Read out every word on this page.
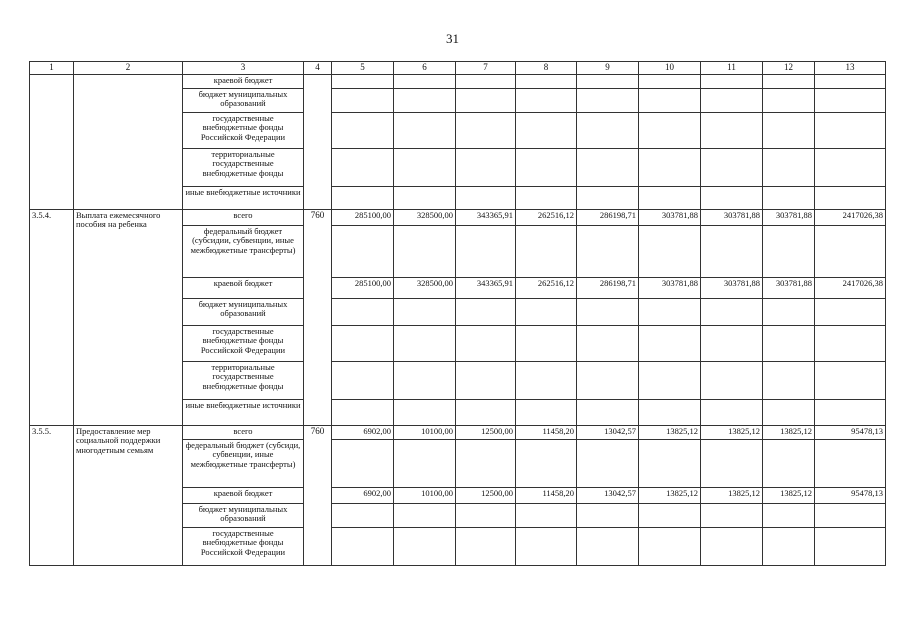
31
1	2	3	4	5	6	7	8	9	10	11	12	13
		краевой бюджет										
		бюджет муниципальных образований										
		государственные внебюджетные фонды Российской Федерации										
		территориальные государственные внебюджетные фонды										
		иные внебюджетные источники										
3.5.4.	Выплата ежемесячного пособия на ребенка	всего	760	285100,00	328500,00	343365,91	262516,12	286198,71	303781,88	303781,88	303781,88	2417026,38
		федеральный бюджет (субсидии, субвенции, иные межбюджетные трансферты)										
		краевой бюджет		285100,00	328500,00	343365,91	262516,12	286198,71	303781,88	303781,88	303781,88	2417026,38
		бюджет муниципальных образований										
		государственные внебюджетные фонды Российской Федерации										
		территориальные государственные внебюджетные фонды										
		иные внебюджетные источники										
3.5.5.	Предоставление мер социальной поддержки многодетным семьям	всего	760	6902,00	10100,00	12500,00	11458,20	13042,57	13825,12	13825,12	13825,12	95478,13
		федеральный бюджет (субсиди, субвенции, иные межбюджетные трансферты)										
		краевой бюджет		6902,00	10100,00	12500,00	11458,20	13042,57	13825,12	13825,12	13825,12	95478,13
		бюджет муниципальных образований										
		государственные внебюджетные фонды Российской Федерации										
